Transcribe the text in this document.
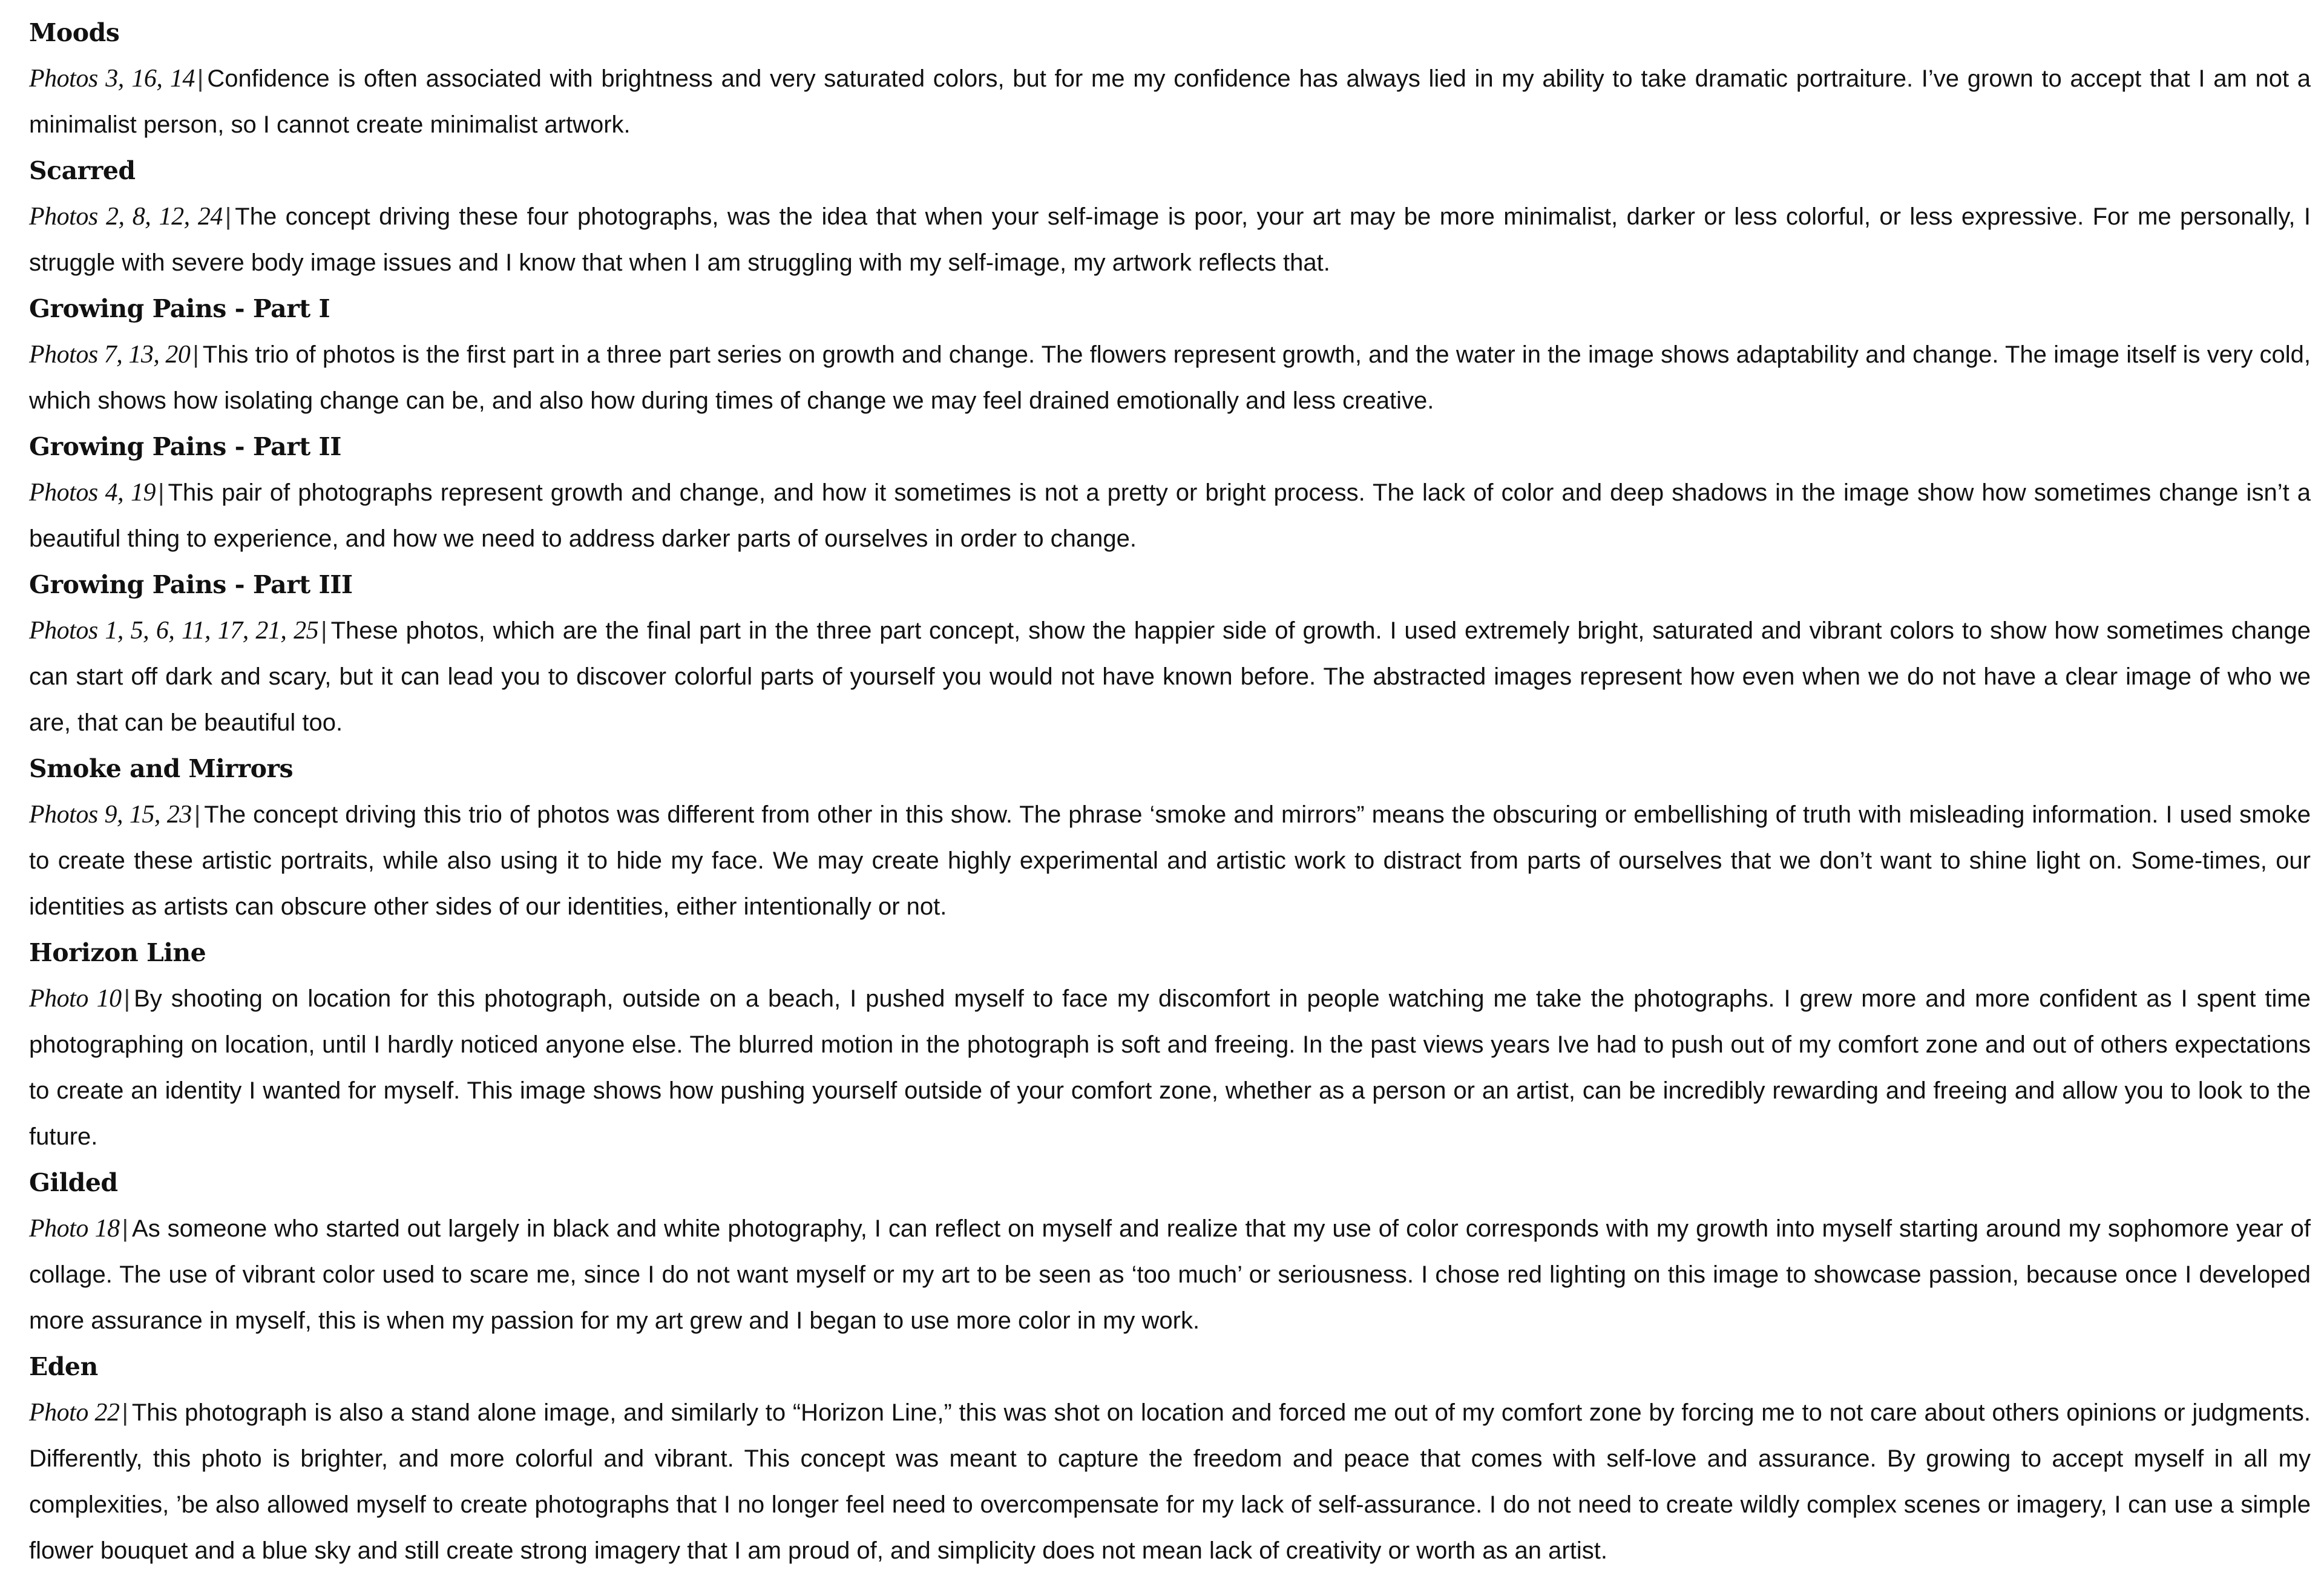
Moods

Photos 3, 16, 14 | Confidence is often associated with brightness and very saturated colors, but for me my confidence has always lied in my ability to take dramatic portraiture. I’ve grown to accept that I am not a minimalist person, so I cannot create minimalist artwork.

Scarred

Photos 2, 8, 12, 24 | The concept driving these four photographs, was the idea that when your self-image is poor, your art may be more minimalist, darker or less colorful, or less expressive. For me personally, I struggle with severe body image issues and I know that when I am struggling with my self-image, my artwork reflects that.

Growing Pains - Part I

Photos 7, 13, 20 | This trio of photos is the first part in a three part series on growth and change. The flowers represent growth, and the water in the image shows adaptability and change. The image itself is very cold, which shows how isolating change can be, and also how during times of change we may feel drained emotionally and less creative.

Growing Pains - Part II

Photos 4, 19 | This pair of photographs represent growth and change, and how it sometimes is not a pretty or bright process. The lack of color and deep shadows in the image show how sometimes change isn’t a beautiful thing to experience, and how we need to address darker parts of ourselves in order to change.

Growing Pains - Part III

Photos 1, 5, 6, 11, 17, 21, 25 | These photos, which are the final part in the three part concept, show the happier side of growth. I used extremely bright, saturated and vibrant colors to show how sometimes change can start off dark and scary, but it can lead you to discover colorful parts of yourself you would not have known before. The abstracted images represent how even when we do not have a clear image of who we are, that can be beautiful too.

Smoke and Mirrors

Photos 9, 15, 23 | The concept driving this trio of photos was different from other in this show. The phrase ‘smoke and mirrors” means the obscuring or embellishing of truth with misleading information. I used smoke to create these artistic portraits, while also using it to hide my face. We may create highly experimental and artistic work to distract from parts of ourselves that we don’t want to shine light on. Some-times, our identities as artists can obscure other sides of our identities, either intentionally or not.

Horizon Line

Photo 10 | By shooting on location for this photograph, outside on a beach, I pushed myself to face my discomfort in people watching me take the photographs. I grew more and more confident as I spent time photographing on location, until I hardly noticed anyone else. The blurred motion in the photograph is soft and freeing. In the past views years Ive had to push out of my comfort zone and out of others expectations to create an identity I wanted for myself. This image shows how pushing yourself outside of your comfort zone, whether as a person or an artist, can be incredibly rewarding and freeing and allow you to look to the future.

Gilded

Photo 18 | As someone who started out largely in black and white photography, I can reflect on myself and realize that my use of color corresponds with my growth into myself starting around my sophomore year of collage. The use of vibrant color used to scare me, since I do not want myself or my art to be seen as ‘too much’ or seriousness. I chose red lighting on this image to showcase passion, because once I developed more assurance in myself, this is when my passion for my art grew and I began to use more color in my work.

Eden

Photo 22 | This photograph is also a stand alone image, and similarly to “Horizon Line,” this was shot on location and forced me out of my comfort zone by forcing me to not care about others opinions or judgments. Differently, this photo is brighter, and more colorful and vibrant. This concept was meant to capture the freedom and peace that comes with self-love and assurance. By growing to accept myself in all my complexities, ’be also allowed myself to create photographs that I no longer feel need to overcompensate for my lack of self-assurance. I do not need to create wildly complex scenes or imagery, I can use a simple flower bouquet and a blue sky and still create strong imagery that I am proud of, and simplicity does not mean lack of creativity or worth as an artist.
